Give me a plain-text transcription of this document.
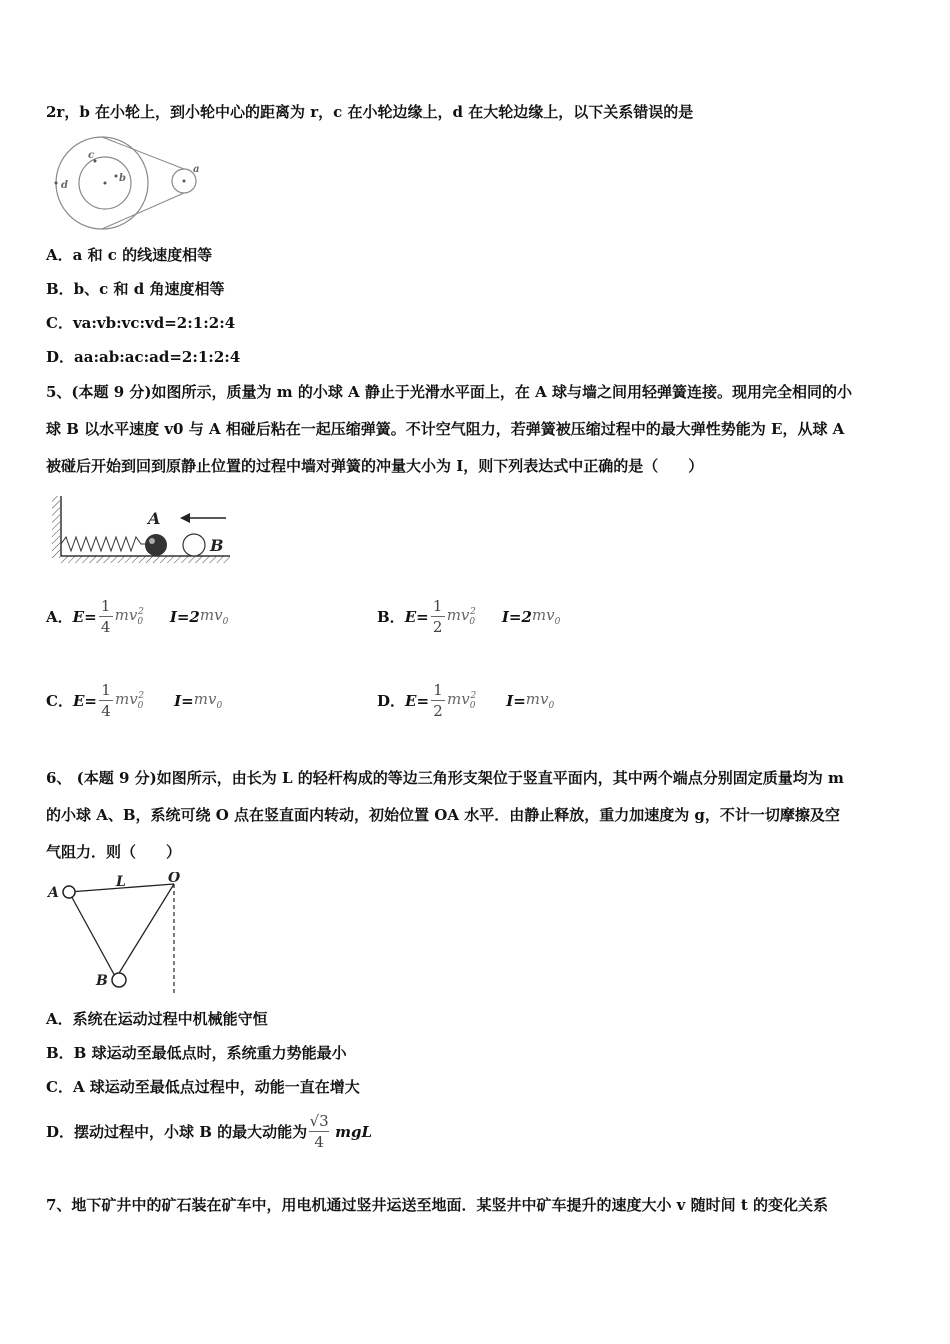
2r，b 在小轮上，到小轮中心的距离为 r，c 在小轮边缘上，d 在大轮边缘上，以下关系错误的是
c
b
a
d
A．a 和 c 的线速度相等
B．b、c 和 d 角速度相等
C．va:vb:vc:vd=2:1:2:4
D．aa:ab:ac:ad=2:1:2:4
5、(本题 9 分)如图所示，质量为 m 的小球 A 静止于光滑水平面上，在 A 球与墙之间用轻弹簧连接。现用完全相同的小
球 B 以水平速度 v0 与 A 相碰后粘在一起压缩弹簧。不计空气阻力，若弹簧被压缩过程中的最大弹性势能为 E，从球 A
被碰后开始到回到原静止位置的过程中墙对弹簧的冲量大小为 I，则下列表达式中正确的是（　　）
A
B
A． $E= \frac{1}{4} mv_0^2$ I=2 $mv_0$	B． $E= \frac{1}{2} mv_0^2$ I=2 $mv_0$
C． $E= \frac{1}{4} mv_0^2$ $I= mv_0$	D． $E= \frac{1}{2} mv_0^2$ $I= mv_0$
6、 (本题 9 分)如图所示，由长为 L 的轻杆构成的等边三角形支架位于竖直平面内，其中两个端点分别固定质量均为 m
的小球 A、B，系统可绕 O 点在竖直面内转动，初始位置 OA 水平．由静止释放，重力加速度为 g，不计一切摩擦及空
气阻力．则（　　）
A
L	O
B
A．系统在运动过程中机械能守恒
B．B 球运动至最低点时，系统重力势能最小
C．A 球运动至最低点过程中，动能一直在增大
D．摆动过程中，小球 B 的最大动能为 $\frac{√3}{4}$ mgL
7、地下矿井中的矿石装在矿车中，用电机通过竖井运送至地面．某竖井中矿车提升的速度大小 v 随时间 t 的变化关系
